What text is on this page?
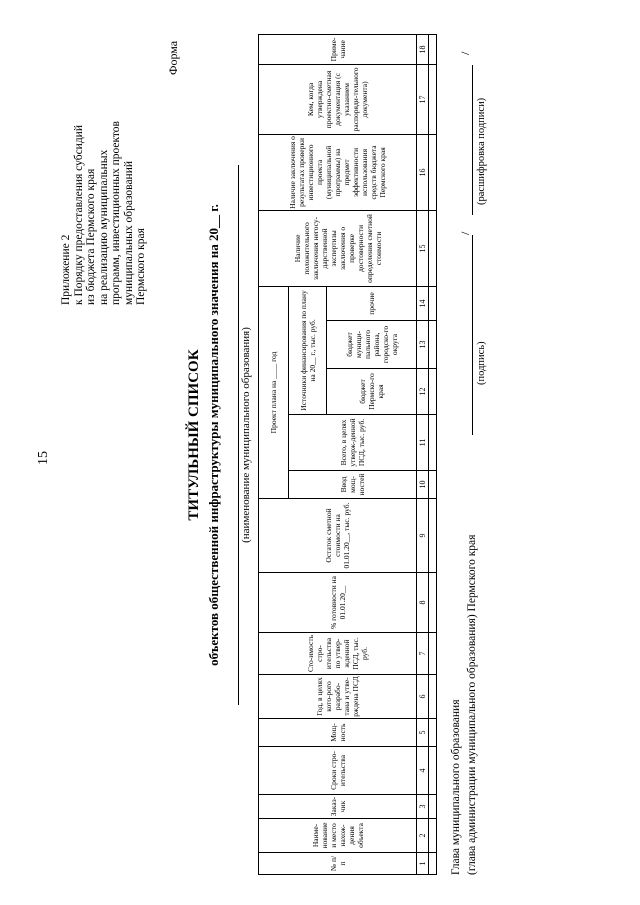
15
Приложение 2 к Порядку предоставления субсидий из бюджета Пермского края на реализацию муниципальных программ, инвестиционных проектов муниципальных образований Пермского края
Форма
ТИТУЛЬНЫЙ СПИСОК объектов общественной инфраструктуры муниципального значения на 20__ г. (наименование муниципального образования)
№ п/п	Наиме-нование и место нахож-дения объекта	Заказ-чик	Сроки стро-ительства	Мощ-ность	Год, в целях кото-рого разрабо-тана и утве-рждена ПСД	Сто-имость стро-ительства по утвер-жденной ПСД, тыс. руб.	% готовности на 01.01.20__	Остаток сметной стоимости на 01.01.20__, тыс. руб.	Проект плана на ____ год					Наличие положительного заключения негосу-дарственной экспертизы заключения о проверке достоверности определения сметной стоимости	Наличие заключения о результатах проверки инвестиционного проекта (муниципальной программы) на предмет эффективности использования средств бюджета Пермского края	Кем, когда утверждена проектно-сметная документация (с указанием распоряди-тельного документа)	Приме-чание
									Ввод мощ-ностей	Всего, в целях утверж-денной ПСД, тыс. руб.	Источники финансирования по плану на 20__ г., тыс. руб.						
											бюджет Пермско-го края	бюджет муници-пального района, городско-го округа	прочие				
1	2	3	4	5	6	7	8	9	10	11	12	13	14	15	16	17	18

Глава муниципального образования (глава администрации муниципального образования) Пермского края
/
/
(подпись)
(расшифровка подписи)
